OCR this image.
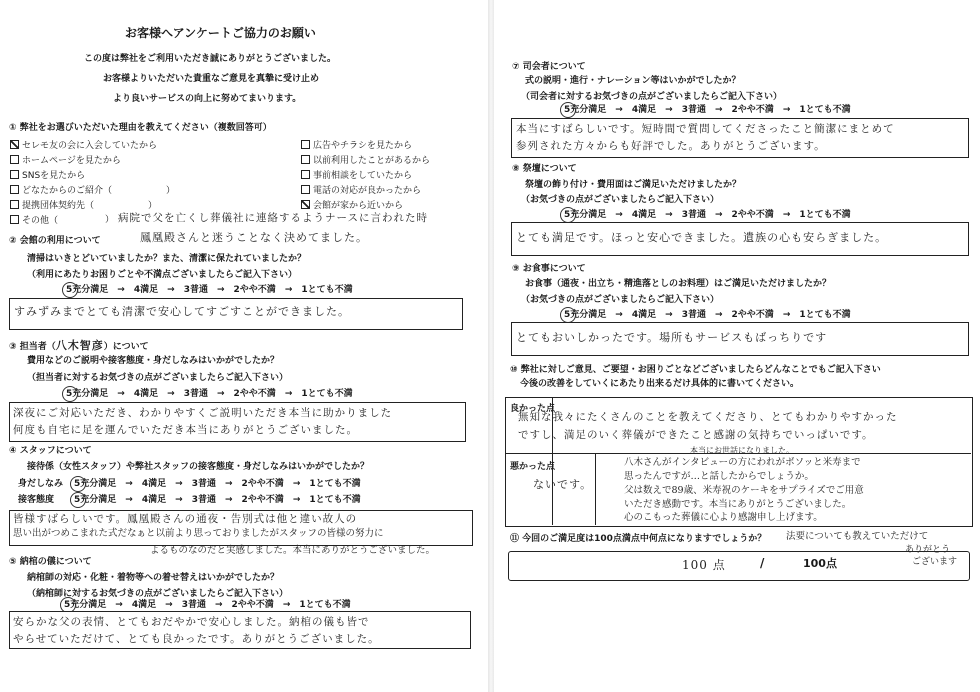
お客様へアンケートご協力のお願い
この度は弊社をご利用いただき誠にありがとうございました。
お客様よりいただいた貴重なご意見を真摯に受け止め
より良いサービスの向上に努めてまいります。
① 弊社をお選びいただいた理由を教えてください（複数回答可）
セレモ友の会に入会していたから
ホームページを見たから
SNSを見たから
どなたからのご紹介（　　　　　　）
提携団体契約先（　　　　　　）
その他（	）
広告やチラシを見たから
以前利用したことがあるから
事前相談をしていたから
電話の対応が良かったから
会館が家から近いから
病院で父を亡くし葬儀社に連絡するようナースに言われた時
鳳凰殿さんと迷うことなく決めてました。
② 会館の利用について
清掃はいきとどいていましたか？また、清潔に保たれていましたか？
（利用にあたりお困りごとや不満点ございましたらご記入下さい）
5充分満足　 →　 4満足　 →　 3普通　 →　 2やや不満　 →　 1とても不満
すみずみまでとても清潔で安心してすごすことができました。
③ 担当者（八木智彦）について
費用などのご説明や接客態度・身だしなみはいかがでしたか？
（担当者に対するお気づきの点がございましたらご記入下さい）
5充分満足　 →　 4満足　 →　 3普通　 →　 2やや不満　 →　 1とても不満
深夜にご対応いただき、わかりやすくご説明いただき本当に助かりました
何度も自宅に足を運んでいただき本当にありがとうございました。
④ スタッフについて
接待係（女性スタッフ）や弊社スタッフの接客態度・身だしなみはいかがでしたか？
身だしなみ 5充分満足　 →　 4満足　 →　 3普通　 →　 2やや不満　 →　 1とても不満
接客態度 5充分満足　 →　 4満足　 →　 3普通　 →　 2やや不満　 →　 1とても不満
皆様すばらしいです。鳳凰殿さんの通夜・告別式は他と違い故人の
思い出がつめこまれた式だなぁと以前より思っておりましたがスタッフの皆様の努力に
よるものなのだと実感しました。本当にありがとうございました。
⑤ 納棺の儀について
納棺師の対応・化粧・着物等への着せ替えはいかがでしたか？
（納棺師に対するお気づきの点がございましたらご記入下さい）
5充分満足　 →　 4満足　 →　 3普通　 →　 2やや不満　 →　 1とても不満
安らかな父の表情、とてもおだやかで安心しました。納棺の儀も皆で
やらせていただけて、とても良かったです。ありがとうございました。
⑦ 司会者について
式の説明・進行・ナレーション等はいかがでしたか？
（司会者に対するお気づきの点がございましたらご記入下さい）
5充分満足　 →　 4満足　 →　 3普通　 →　 2やや不満　 →　 1とても不満
本当にすばらしいです。短時間で質問してくださったこと簡潔にまとめて
参列された方々からも好評でした。ありがとうございます。
⑧ 祭壇について
祭壇の飾り付け・費用面はご満足いただけましたか？
（お気づきの点がございましたらご記入下さい）
5充分満足　 →　 4満足　 →　 3普通　 →　 2やや不満　 →　 1とても不満
とても満足です。ほっと安心できました。遺族の心も安らぎました。
⑨ お食事について
お食事（通夜・出立ち・精進落としのお料理）はご満足いただけましたか？
（お気づきの点がございましたらご記入下さい）
5充分満足　 →　 4満足　 →　 3普通　 →　 2やや不満　 →　 1とても不満
とてもおいしかったです。場所もサービスもばっちりです
⑩ 弊社に対しご意見、ご要望・お困りごとなどございましたらどんなことでもご記入下さい
今後の改善をしていくにあたり出来るだけ具体的に書いてください。
良かった点
無知な我々にたくさんのことを教えてくださり、とてもわかりやすかった
ですし、満足のいく葬儀ができたこと感謝の気持ちでいっぱいです。
本当にお世話になりました。
悪かった点
ないです。
八木さんがインタビューの方にわれがボソッと米寿まで
思ったんですが…と話したからでしょうか。
父は数えで89歳、米寿祝のケーキをサプライズでご用意
いただき感動です。本当にありがとうございました。
心のこもった葬儀に心より感謝申し上げます。
⑪ 今回のご満足度は100点満点中何点になりますでしょうか？ 法要についても教えていただけて
ありがとう
ございます
100 点	/	100点
